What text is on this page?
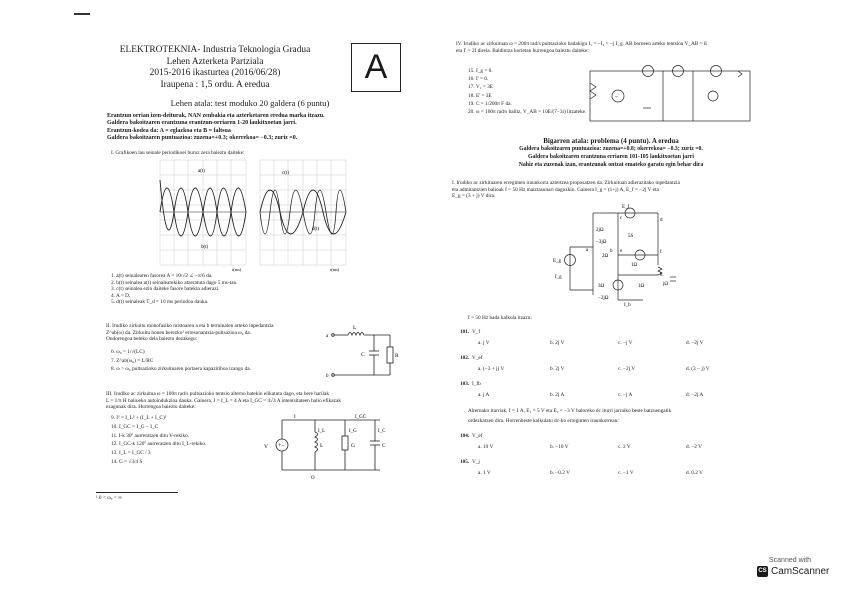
ELEKTROTEKNIA- Industria Teknologia Gradua
Lehen Azterketa Partziala
2015-2016 ikasturtea (2016/06/28)
Iraupena : 1,5 ordu. A eredua	A
Lehen atala: test moduko 20 galdera (6 puntu)
Erantzun orrian izen-deiturak, NAN zenbakia eta azterketaren eredua marka itzazu.
Galdera bakoitzaren erantzuna erantzun-orriaren 1-20 laukitxoetan jarri.
Erantzun-kodea da: A = eglazkoa eta B = faltsua
Galdera bakoitzaren puntuazioa: zuzena=+0.3; okerrekoa= −0.3; zuriz =0.
I. Grafikoen lau seinale periodikoei buruz zera baieztu daiteke:
a(t)
b(t)
t(ms)
c(t)
d(t)
t(ms)
1. a(t) seinalearen fasorea A = 10/√2 ∠ −π/6 da.
2. b(t) seinalea a(t) seinalearekiko atzeratuta dago 5 ms-tan.
3. c(t) seinalea ezin daiteke fasore batekin adierazi.
4. A = D.
5. d(t) seinaleak T_d = 10 ms periodoa dauka.
II. Irudiko zirkuitu monofasiko mistoaren a eta b terminalen arteko inpedantzia
Z^ab(ω) da. Zirkuitu honen berezko¹ erresonantzia-pultsazioa ω₀ da.
Ondorengoa beteko dela baieztu dezakegu:
6. ω₀ = 1/√(LC)
7. Z^ab(ω₀) = L/RC
8. ω > ω₀ pultsazioko zirkuituaren portaera kapazitiboa izango da.
a
b
L
C	R
III. Irudiko ac zirkuitua ω = 100π rad/s pultsazioko tentsio alterno batekin elikatuta dago, eta bere harilak
L = 1/π H balioeko autoindukzioa dauka. Gainera, I = I_L = 4 A eta I_GC = 4√3 A intentsitateen balio efikazak
ezagunak dira. Hurrengoa baieztu daiteke:
9. I² = I_L² + (I_L + I_C)²
10. I_GC = I_G − I_C
11. I-k 30º aurreratzen ditu V-rekiko.
12. I_GC-k 120º aurreratzen ditu I_L-rekiko.
13. I_L = I_GC / 3
14. G = √3/4 S
+−
V
I
I_L
I_GC
I_G	I_C
L	G	C
O
¹ 0 < ω₀ < ∞
IV. Irudiko ac zirkuituan ω = 200π rad/s pultsazioko badakigu I₁ = −I₂ = −j I_g. AB borneen arteko tentsioa V_AB = E
eta I' = 2I direla. Baldintza horietan hurrengoa baieztu daiteke:
~
15. I_g = 0.
16. I' = 0.
17. V₁ = 3E
18. E' = 3E
19. C = 1/200π F da.
20. ω = 100π rad/s balitz, V_AB = 10E/(7−3i) litzateke.
Bigarren atala: problema (4 puntu). A eredua
Galdera bakoitzaren puntuazioa: zuzena=+0.8; okerrekoa= −0.3; zuriz =0.
Galdera bakoitzaren erantzuna erriaren 101-105 laukitxoetan jarri
Nahiz eta zuzenak izan, erantzunak ontzat emateko garatu egin behar dira
I. Irudiko ac zirkituaren erregimen iraunkorra aztertzea proposatzen da. Zirkuituan adierazitako inpedantzia
eta admitantzien balioak f = 50 Hz maiztasunari dagozkio. Gainera I_g = (1+j) A, E_f = −2j V eta
E_g = (3 + j) V dira.
E_f
2jΩ
−3jΩ
2Ω
5S
1Ω
3Ω
−2jΩ
jΩ
1Ω
E_g
I_g
I_b
d
c
e	f
b
a
g
f = 50 Hz bada kalkula itzazu:
101. V_f
a. j V	b. 2j V	c. −j V	d. −2j V
102. V_ef
a. (−3 + j) V	b. 2j V	c. −2j V	d. (3 − j) V
103. I_fb
a. j A	b. 2j A	c. −j A	d. −2j A
Alternako iturriak, I = 1 A, E₁ = 5 V eta E₂ = −3 V baloreko dc iturri jarraiko beste batzuengatik
ordezkatzen dira. Horrenbeste kalkulatu dc-ko erregimen iraunkorrean:
104. V_ef
a. 10 V	b. −10 V	c. 2 V	d. −2 V
105. V_j
a. 1 V	b. −0.2 V	c. −1 V	d. 0.2 V
Scanned with
CS CamScanner
